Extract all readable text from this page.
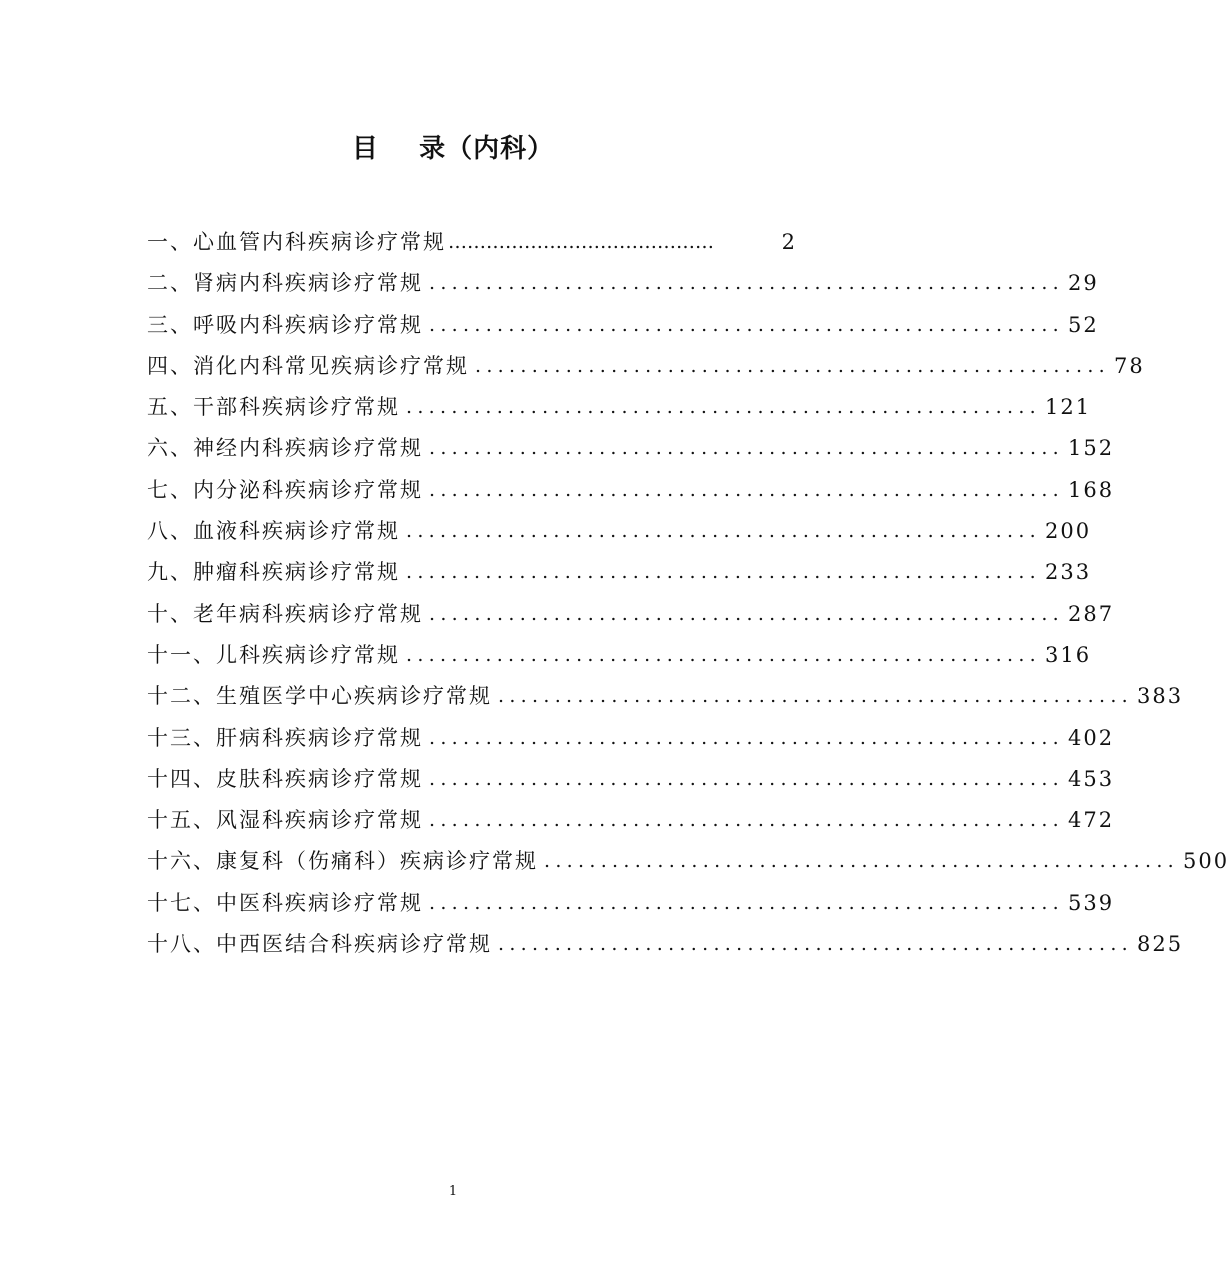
目    录（内科）
一、心血管内科疾病诊疗常规 ……………………………………	2
二、肾病内科疾病诊疗常规 ........................................................ 29
三、呼吸内科疾病诊疗常规 ........................................................ 52
四、消化内科常见疾病诊疗常规 ........................................................ 78
五、干部科疾病诊疗常规 ........................................................ 121
六、神经内科疾病诊疗常规 ........................................................ 152
七、内分泌科疾病诊疗常规 ........................................................ 168
八、血液科疾病诊疗常规 ........................................................ 200
九、肿瘤科疾病诊疗常规 ........................................................ 233
十、老年病科疾病诊疗常规 ........................................................ 287
十一、儿科疾病诊疗常规 ........................................................ 316
十二、生殖医学中心疾病诊疗常规 ........................................................ 383
十三、肝病科疾病诊疗常规 ........................................................ 402
十四、皮肤科疾病诊疗常规 ........................................................ 453
十五、风湿科疾病诊疗常规 ........................................................ 472
十六、康复科（伤痛科）疾病诊疗常规 ........................................................ 500
十七、中医科疾病诊疗常规 ........................................................ 539
十八、中西医结合科疾病诊疗常规 ........................................................ 825
1
